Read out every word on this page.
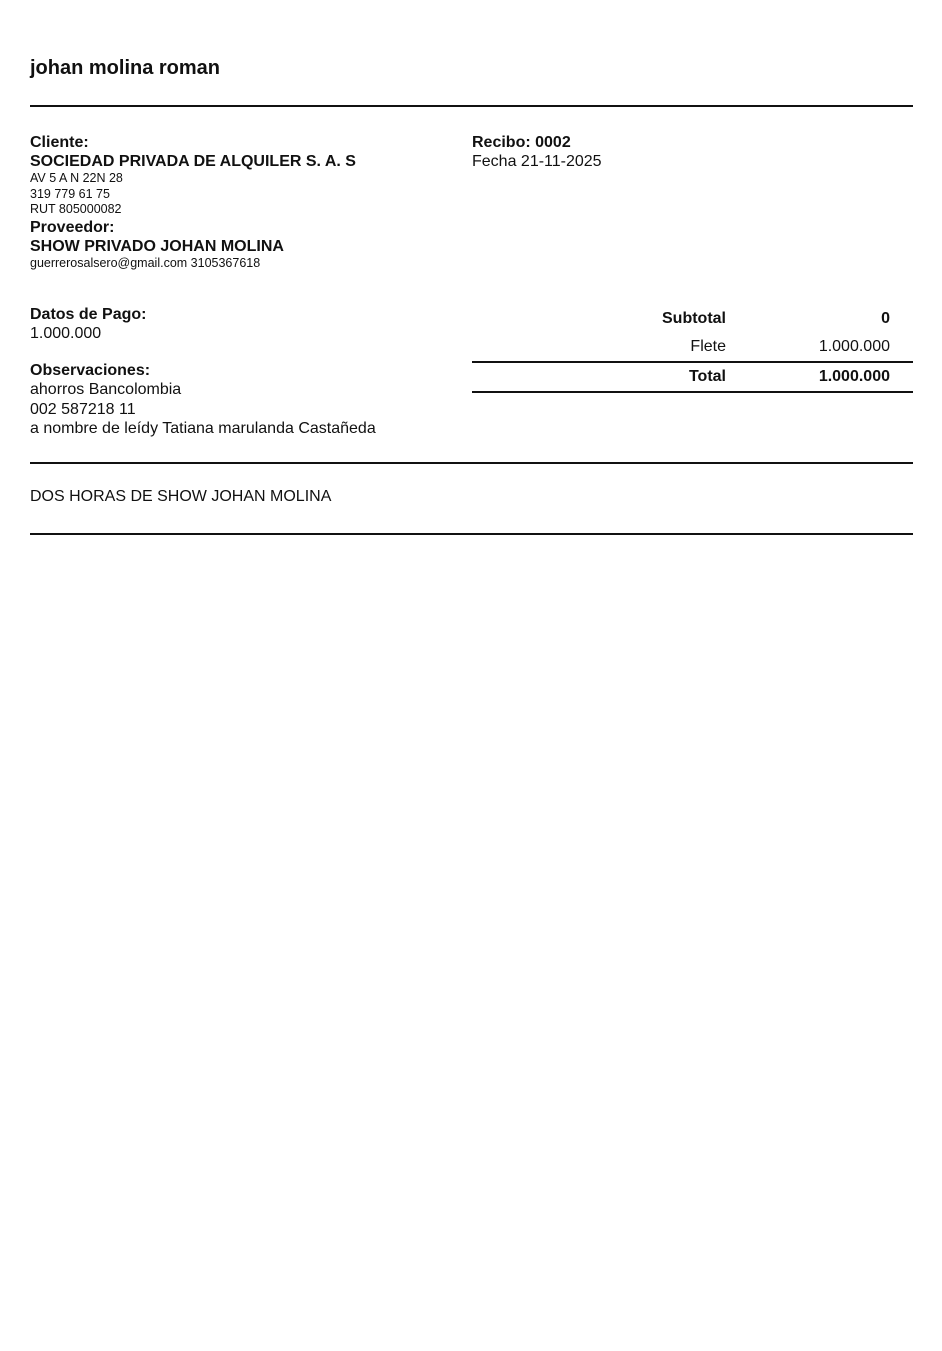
johan molina roman
Cliente:
SOCIEDAD PRIVADA DE ALQUILER S. A. S
AV 5 A N 22N 28
319 779 61 75
RUT 805000082
Proveedor:
SHOW PRIVADO JOHAN MOLINA
guerrerosalsero@gmail.com 3105367618
Recibo: 0002
Fecha 21-11-2025
Datos de Pago:
1.000.000
Observaciones:
ahorros Bancolombia
002 587218 11
a nombre de leídy Tatiana marulanda Castañeda
Subtotal	0
Flete	1.000.000
Total	1.000.000
DOS HORAS DE SHOW JOHAN MOLINA
